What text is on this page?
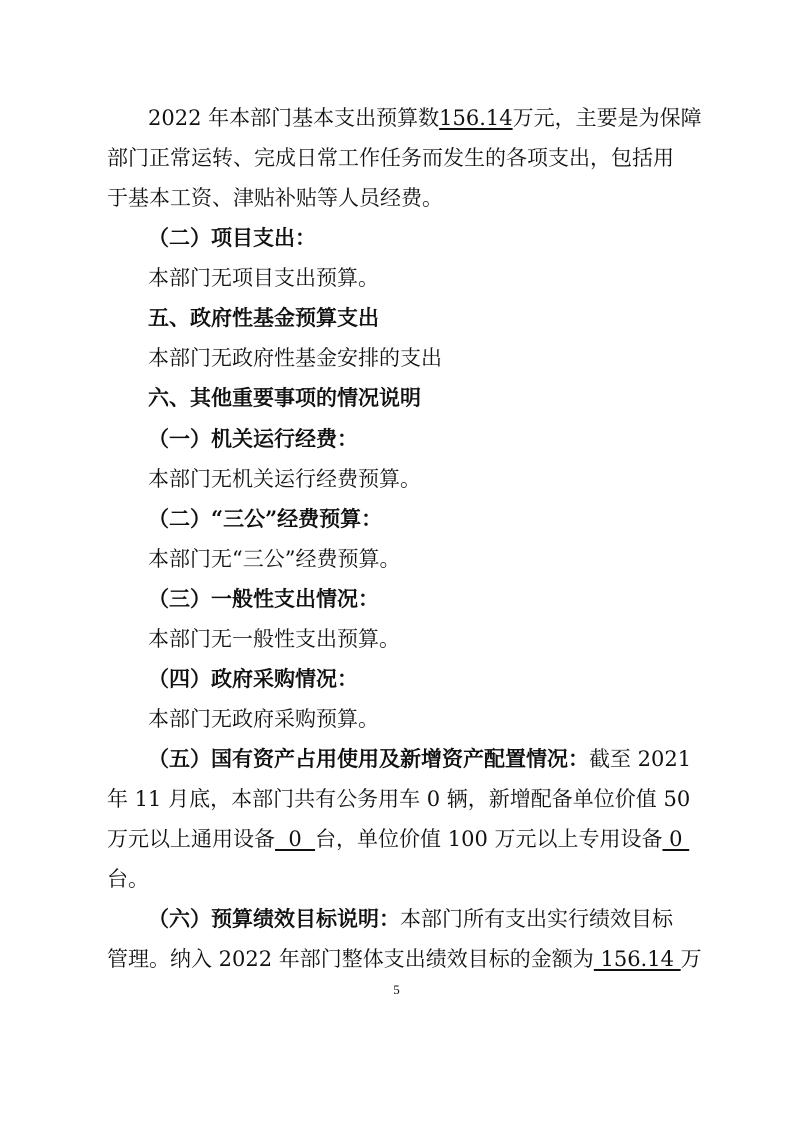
2022 年本部门基本支出预算数156.14万元，主要是为保障
部门正常运转、完成日常工作任务而发生的各项支出，包括用
于基本工资、津贴补贴等人员经费。
（二）项目支出：
本部门无项目支出预算。
五、政府性基金预算支出
本部门无政府性基金安排的支出
六、其他重要事项的情况说明
（一）机关运行经费：
本部门无机关运行经费预算。
（二）“三公”经费预算：
本部门无“三公”经费预算。
（三）一般性支出情况：
本部门无一般性支出预算。
（四）政府采购情况：
本部门无政府采购预算。
（五）国有资产占用使用及新增资产配置情况：截至 2021
年 11 月底，本部门共有公务用车 0 辆，新增配备单位价值 50
万元以上通用设备  0  台，单位价值 100 万元以上专用设备 0
台。
（六）预算绩效目标说明：本部门所有支出实行绩效目标
管理。纳入 2022 年部门整体支出绩效目标的金额为 156.14 万
5
